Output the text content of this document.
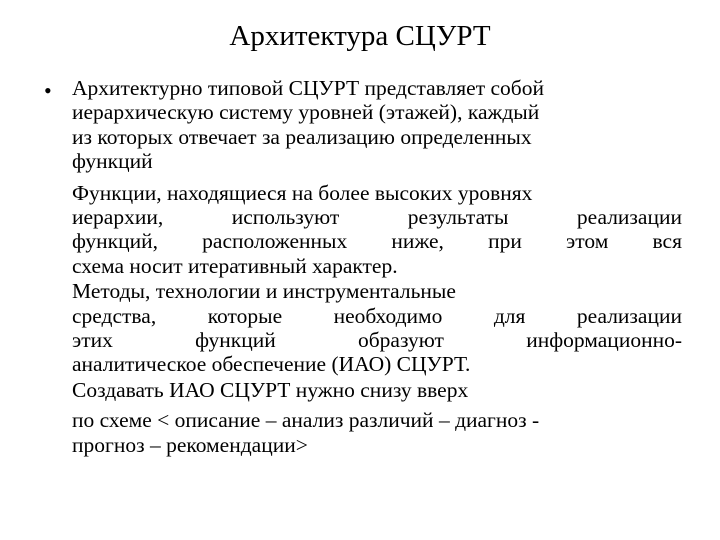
Архитектура СЦУРТ
• Архитектурно типовой СЦУРТ представляет собой
иерархическую систему уровней (этажей), каждый
из которых отвечает за реализацию определенных
функций

Функции, находящиеся на более высоких уровнях
иерархии, используют результаты реализации
функций, расположенных ниже, при этом вся
схема носит итеративный характер.

Методы, технологии и инструментальные
средства, которые необходимо для реализации
этих функций образуют информационно-
аналитическое обеспечение (ИАО) СЦУРТ.

Создавать ИАО СЦУРТ нужно снизу вверх

по схеме < описание – анализ различий – диагноз -
прогноз – рекомендации>
